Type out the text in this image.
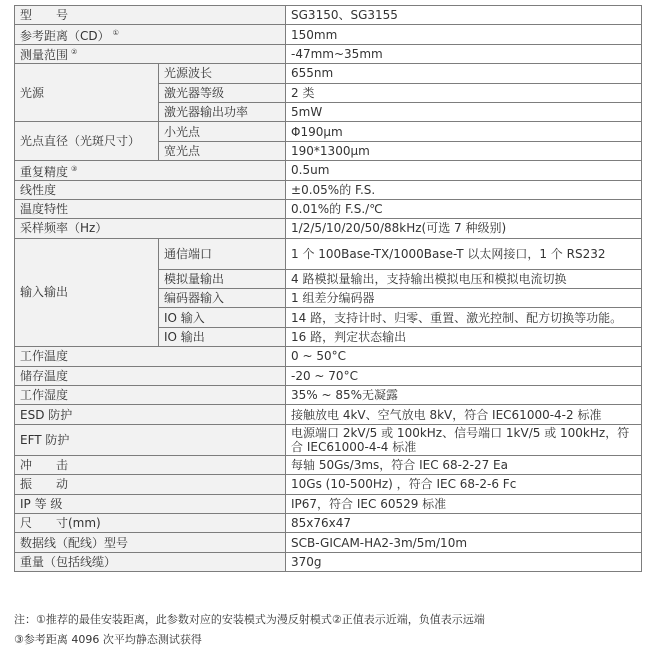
型　　号		SG3150、SG3155
参考距离（CD） ①		150mm
测量范围 ②		-47mm~35mm
光源	光源波长	655nm
	激光器等级	2 类
	激光器输出功率	5mW
光点直径（光斑尺寸）	小光点	Φ190µm
	宽光点	190*1300µm
重复精度 ③		0.5um
线性度		±0.05%的 F.S.
温度特性		0.01%的 F.S./℃
采样频率（Hz）		1/2/5/10/20/50/88kHz(可选 7 种级别)
输入输出	通信端口	1 个 100Base-TX/1000Base-T 以太网接口，1 个 RS232
	模拟量输出	4 路模拟量输出，支持输出模拟电压和模拟电流切换
	编码器输入	1 组差分编码器
	IO 输入	14 路，支持计时、归零、重置、激光控制、配方切换等功能。
	IO 输出	16 路，判定状态输出
工作温度		0 ~ 50°C
储存温度		-20 ~ 70°C
工作湿度		35% ~ 85%无凝露
ESD 防护		接触放电 4kV、空气放电 8kV，符合 IEC61000-4-2 标准
EFT 防护		电源端口 2kV/5 或 100kHz、信号端口 1kV/5 或 100kHz，符合 IEC61000-4-4 标准
冲　　击		每轴 50Gs/3ms，符合 IEC 68-2-27 Ea
振　　动		10Gs (10-500Hz) ，符合 IEC 68-2-6 Fc
IP 等 级		IP67，符合 IEC 60529 标准
尺　　寸(mm)		85x76x47
数据线（配线）型号		SCB-GICAM-HA2-3m/5m/10m
重量（包括线缆）		370g
注：①推荐的最佳安装距离，此参数对应的安装模式为漫反射模式②正值表示近端，负值表示远端
③参考距离 4096 次平均静态测试获得
